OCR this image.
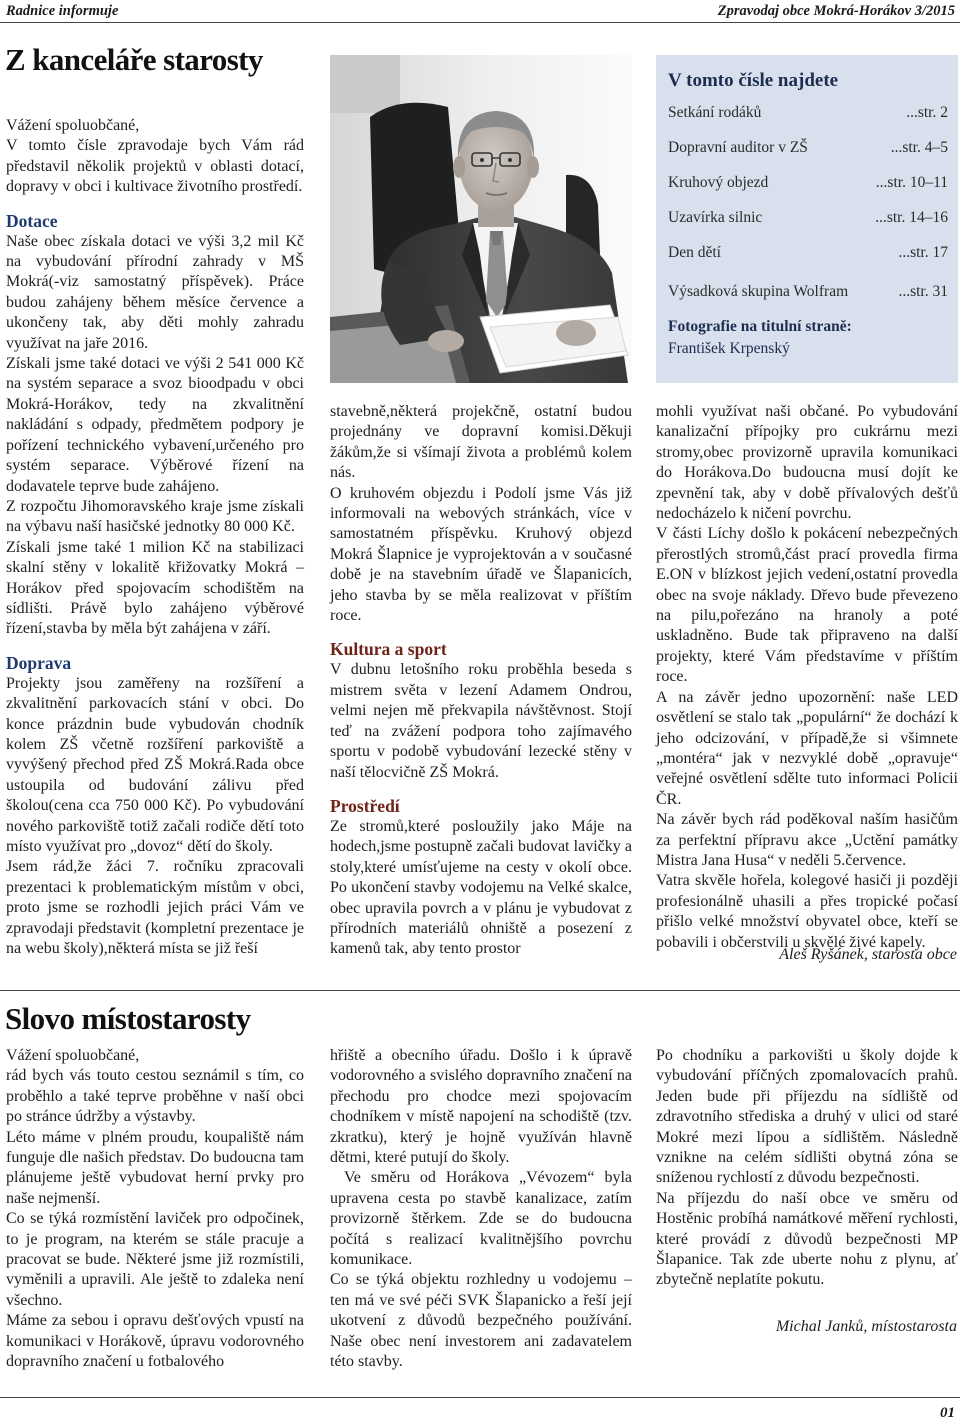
Radnice informuje	Zpravodaj obce Mokrá-Horákov 3/2015
Z kanceláře starosty

Vážení spoluobčané,

V tomto čísle zpravodaje bych Vám rád představil několik projektů v oblasti dotací, dopravy v obci i kultivace životního prostředí.

Dotace

Naše obec získala dotaci ve výši 3,2 mil Kč na vybudování přírodní zahrady v MŠ Mokrá(-viz samostatný příspěvek). Práce budou zahájeny během měsíce července a ukončeny tak, aby děti mohly zahradu využívat na jaře 2016.

Získali jsme také dotaci ve výši 2 541 000 Kč na systém separace a svoz bioodpadu v obci Mokrá-Horákov, tedy na zkvalitnění nakládání s odpady, předmětem podpory je pořízení technického vybavení,určeného pro systém separace. Výběrové řízení na dodavatele teprve bude zahájeno.

Z rozpočtu Jihomoravského kraje jsme získali na výbavu naší hasičské jednotky 80 000 Kč.

Získali jsme také 1 milion Kč na stabilizaci skalní stěny v lokalitě křižovatky Mokrá –Horákov před spojovacím schodištěm na sídlišti. Právě bylo zahájeno výběrové řízení,stavba by měla být zahájena v září.

Doprava

Projekty jsou zaměřeny na rozšíření a zkvalitnění parkovacích stání v obci. Do konce prázdnin bude vybudován chodník kolem ZŠ včetně rozšíření parkoviště a vyvýšený přechod před ZŠ Mokrá.Rada obce ustoupila od budování zálivu před školou(cena cca 750 000 Kč). Po vybudování nového parkoviště totiž začali rodiče dětí toto místo využívat pro „dovoz“ dětí do školy.

Jsem rád,že žáci 7. ročníku zpracovali prezentaci k problematickým místům v obci, proto jsme se rozhodli jejich práci Vám ve zpravodaji představit (kompletní prezentace je na webu školy),některá místa se již řeší

V tomto čísle najdete
Setkání rodáků	...str. 2
Dopravní auditor v ZŠ	...str. 4–5
Kruhový objezd	...str. 10–11
Uzavírka silnic	...str. 14–16
Den dětí	...str. 17
Výsadková skupina Wolfram	...str. 31
Fotografie na titulní straně:
František Krpenský

stavebně,některá projekčně, ostatní budou projednány ve dopravní komisi.Děkuji žákům,že si všímají života a problémů kolem nás.

O kruhovém objezdu i Podolí jsme Vás již informovali na webových stránkách, více v samostatném příspěvku. Kruhový objezd Mokrá Šlapnice je vyprojektován a v současné době je na stavebním úřadě ve Šlapanicích, jeho stavba by se měla realizovat v příštím roce.

Kultura a sport

V dubnu letošního roku proběhla beseda s mistrem světa v lezení Adamem Ondrou, velmi nejen mě překvapila návštěvnost. Stojí teď na zvážení podpora toho zajímavého sportu v podobě vybudování lezecké stěny v naší tělocvičně ZŠ Mokrá.

Prostředí

Ze stromů,které posloužily jako Máje na hodech,jsme postupně začali budovat lavičky a stoly,které umísťujeme na cesty v okolí obce. Po ukončení stavby vodojemu na Velké skalce, obec upravila povrch a v plánu je vybudovat z přírodních materiálů ohniště a posezení z kamenů tak, aby tento prostor

mohli využívat naši občané. Po vybudování kanalizační přípojky pro cukrárnu mezi stromy,obec provizorně upravila komunikaci do Horákova.Do budoucna musí dojít ke zpevnění tak, aby v době přívalových dešťů nedocházelo k ničení povrchu.

V části Líchy došlo k pokácení nebezpečných přerostlých stromů,část prací provedla firma E.ON v blízkost jejich vedení,ostatní provedla obec na svoje náklady. Dřevo bude převezeno na pilu,pořezáno na hranoly a poté uskladněno. Bude tak připraveno na další projekty, které Vám představíme v příštím roce.

A na závěr jedno upozornění: naše LED osvětlení se stalo tak „populární“ že dochází k jeho odcizování, v případě,že si všimnete „montéra“ jak v nezvyklé době „opravuje“ veřejné osvětlení sdělte tuto informaci Policii ČR.

Na závěr bych rád poděkoval naším hasičům za perfektní přípravu akce „Uctění památky Mistra Jana Husa“ v neděli 5.července.

Vatra skvěle hořela, kolegové hasiči ji později profesionálně uhasili a přes tropické počasí přišlo velké množství obyvatel obce, kteří se pobavili i občerstvili u skvělé živé kapely.

Aleš Ryšánek, starosta obce
Slovo místostarosty

Vážení spoluobčané,

rád bych vás touto cestou seznámil s tím, co proběhlo a také teprve proběhne v naší obci po stránce údržby a výstavby.

Léto máme v plném proudu, koupaliště nám funguje dle našich představ. Do budoucna tam plánujeme ještě vybudovat herní prvky pro naše nejmenší.

Co se týká rozmístění laviček pro odpočinek, to je program, na kterém se stále pracuje a pracovat se bude. Některé jsme již rozmístili, vyměnili a upravili. Ale ještě to zdaleka není všechno.

Máme za sebou i opravu dešťových vpustí na komunikaci v Horákově, úpravu vodorovného dopravního značení u fotbalového

hřiště a obecního úřadu. Došlo i k úpravě vodorovného a svislého dopravního značení na přechodu pro chodce mezi spojovacím chodníkem v místě napojení na schodiště (tzv. zkratku), který je hojně využíván hlavně dětmi, které putují do školy.

Ve směru od Horákova „Vévozem“ byla upravena cesta po stavbě kanalizace, zatím provizorně štěrkem. Zde se do budoucna počítá s realizací kvalitnějšího povrchu komunikace.

Co se týká objektu rozhledny u vodojemu – ten má ve své péči SVK Šlapanicko a řeší její ukotvení z důvodů bezpečného používání. Naše obec není investorem ani zadavatelem této stavby.

Po chodníku a parkovišti u školy dojde k vybudování příčných zpomalovacích prahů. Jeden bude při příjezdu na sídliště od zdravotního střediska a druhý v ulici od staré Mokré mezi lípou a sídlištěm. Následně vznikne na celém sídlišti obytná zóna se sníženou rychlostí z důvodu bezpečnosti.

Na příjezdu do naší obce ve směru od Hostěnic probíhá namátkové měření rychlosti, které provádí z důvodů bezpečnosti MP Šlapanice. Tak zde uberte nohu z plynu, ať zbytečně neplatíte pokutu.

Michal Janků, místostarosta
01
